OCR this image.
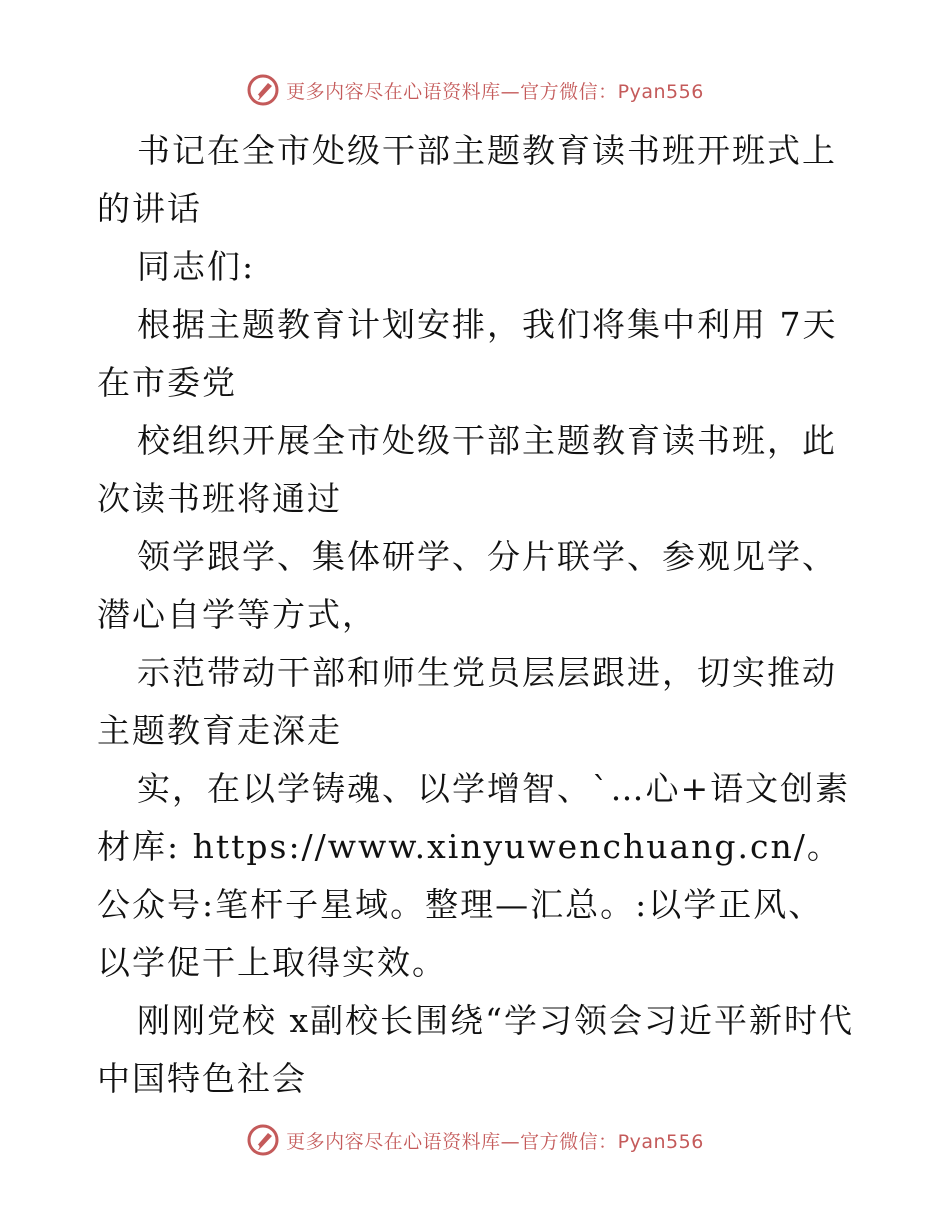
更多内容尽在心语资料库—官方微信：Pyan556

书记在全市处级干部主题教育读书班开班式上的讲话

同志们:

根据主题教育计划安排，我们将集中利用 7天在市委党

校组织开展全市处级干部主题教育读书班，此次读书班将通过

领学跟学、集体研学、分片联学、参观见学、潜心自学等方式，

示范带动干部和师生党员层层跟进，切实推动主题教育走深走

实，在以学铸魂、以学增智、`…心+语文创素材库: https://www.xinyuwenchuang.cn/。公众号:笔杆子星域。整理—汇总。:以学正风、以学促干上取得实效。

刚刚党校 x副校长围绕“学习领会习近平新时代中国特色社会

更多内容尽在心语资料库—官方微信：Pyan556
